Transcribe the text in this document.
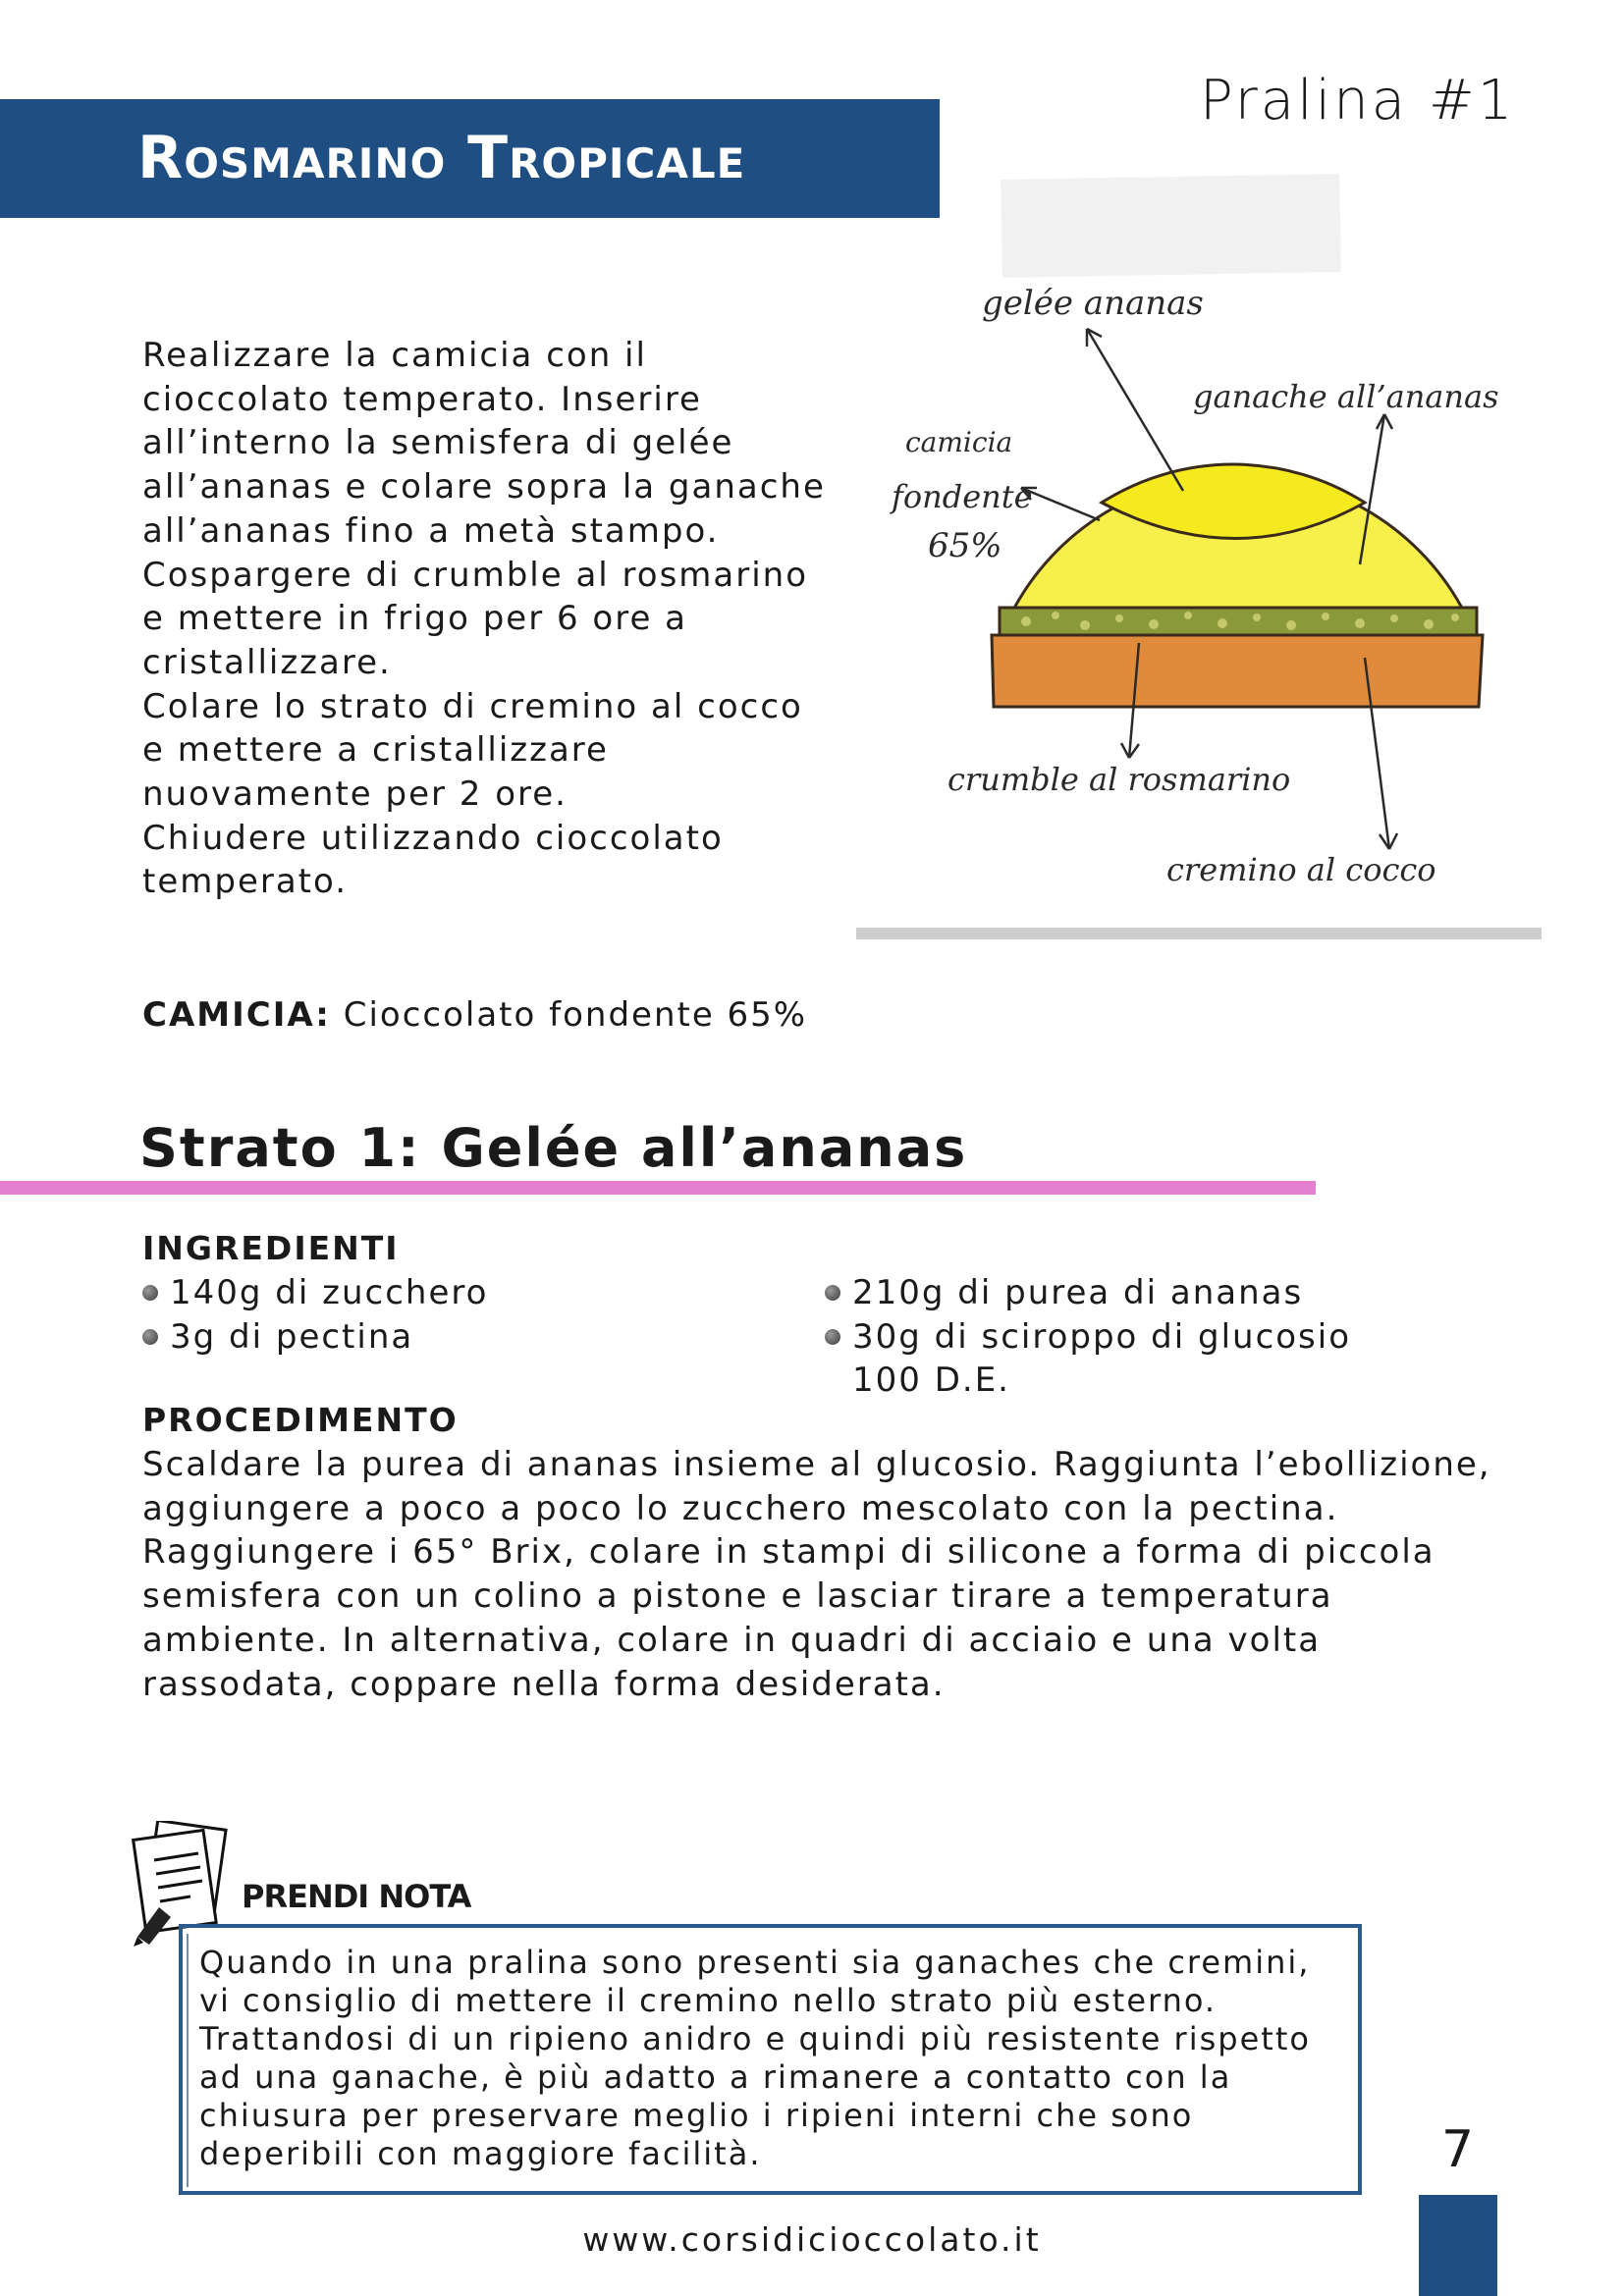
Rosmarino Tropicale
Pralina #1
Realizzare la camicia con il cioccolato temperato. Inserire all’interno la semisfera di gelée all’ananas e colare sopra la ganache all’ananas fino a metà stampo.
Cospargere di crumble al rosmarino e mettere in frigo per 6 ore a cristallizzare.
Colare lo strato di cremino al cocco e mettere a cristallizzare nuovamente per 2 ore.
Chiudere utilizzando cioccolato temperato.
CAMICIA: Cioccolato fondente 65%
gelée ananas
ganache all’ananas
camicia
fondente
65%
crumble al rosmarino
cremino al cocco
Strato 1: Gelée all’ananas
INGREDIENTI
140g di zucchero
3g di pectina
210g di purea di ananas
30g di sciroppo di glucosio 100 D.E.
PROCEDIMENTO
Scaldare la purea di ananas insieme al glucosio. Raggiunta l’ebollizione, aggiungere a poco a poco lo zucchero mescolato con la pectina. Raggiungere i 65° Brix, colare in stampi di silicone a forma di piccola semisfera con un colino a pistone e lasciar tirare a temperatura ambiente. In alternativa, colare in quadri di acciaio e una volta rassodata, coppare nella forma desiderata.
PRENDI NOTA
Quando in una pralina sono presenti sia ganaches che cremini, vi consiglio di mettere il cremino nello strato più esterno. Trattandosi di un ripieno anidro e quindi più resistente rispetto ad una ganache, è più adatto a rimanere a contatto con la chiusura per preservare meglio i ripieni interni che sono deperibili con maggiore facilità.	7
www.corsidicioccolato.it
